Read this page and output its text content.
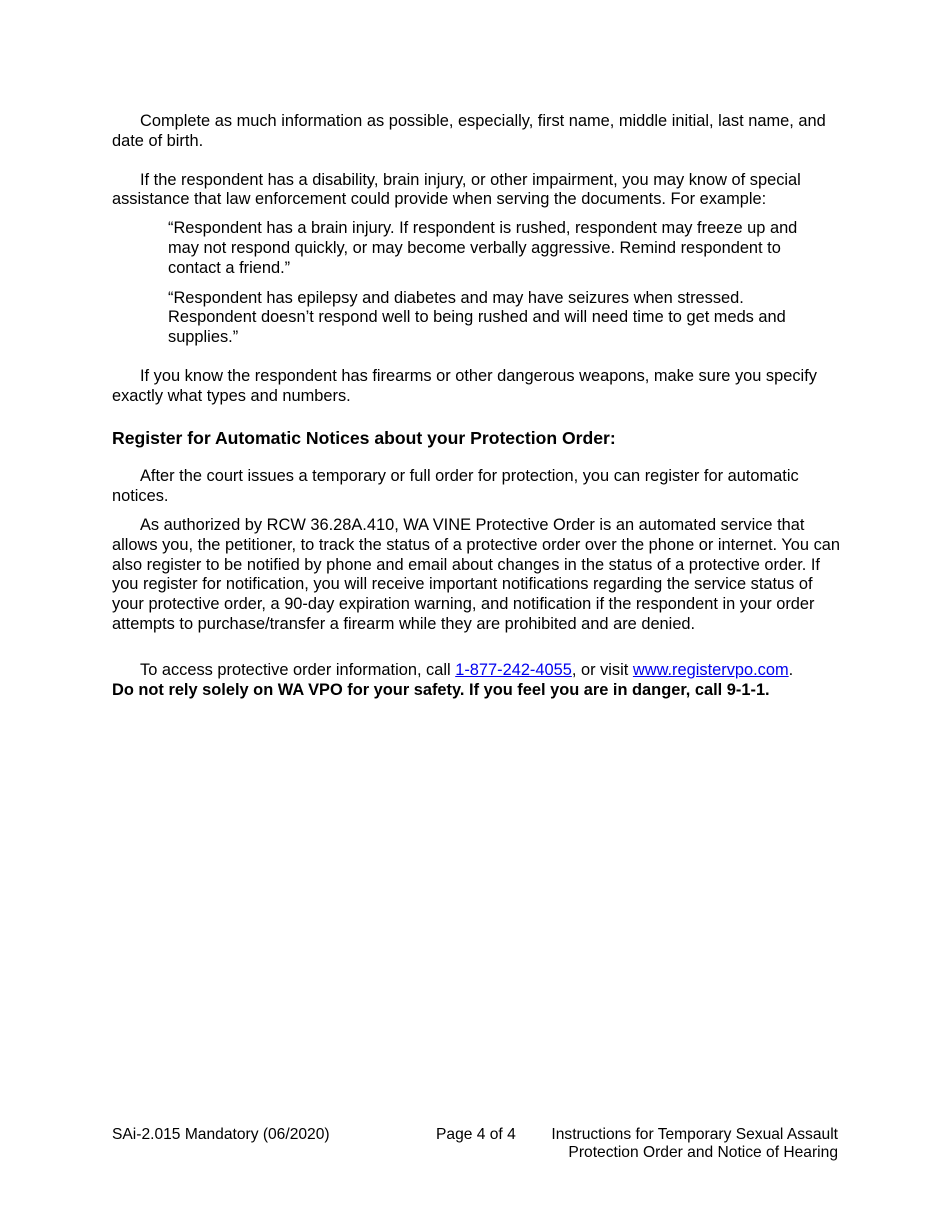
Complete as much information as possible, especially, first name, middle initial, last name, and date of birth.

If the respondent has a disability, brain injury, or other impairment, you may know of special assistance that law enforcement could provide when serving the documents. For example:

“Respondent has a brain injury. If respondent is rushed, respondent may freeze up and may not respond quickly, or may become verbally aggressive. Remind respondent to contact a friend.”

“Respondent has epilepsy and diabetes and may have seizures when stressed. Respondent doesn’t respond well to being rushed and will need time to get meds and supplies.”

If you know the respondent has firearms or other dangerous weapons, make sure you specify exactly what types and numbers.

Register for Automatic Notices about your Protection Order:

After the court issues a temporary or full order for protection, you can register for automatic notices.

As authorized by RCW 36.28A.410, WA VINE Protective Order is an automated service that allows you, the petitioner, to track the status of a protective order over the phone or internet. You can also register to be notified by phone and email about changes in the status of a protective order. If you register for notification, you will receive important notifications regarding the service status of your protective order, a 90-day expiration warning, and notification if the respondent in your order attempts to purchase/transfer a firearm while they are prohibited and are denied.

To access protective order information, call 1-877-242-4055, or visit www.registervpo.com.

Do not rely solely on WA VPO for your safety. If you feel you are in danger, call 9-1-1.

SAi-2.015 Mandatory (06/2020)	Page 4 of 4 Instructions for Temporary Sexual Assault
Protection Order and Notice of Hearing
